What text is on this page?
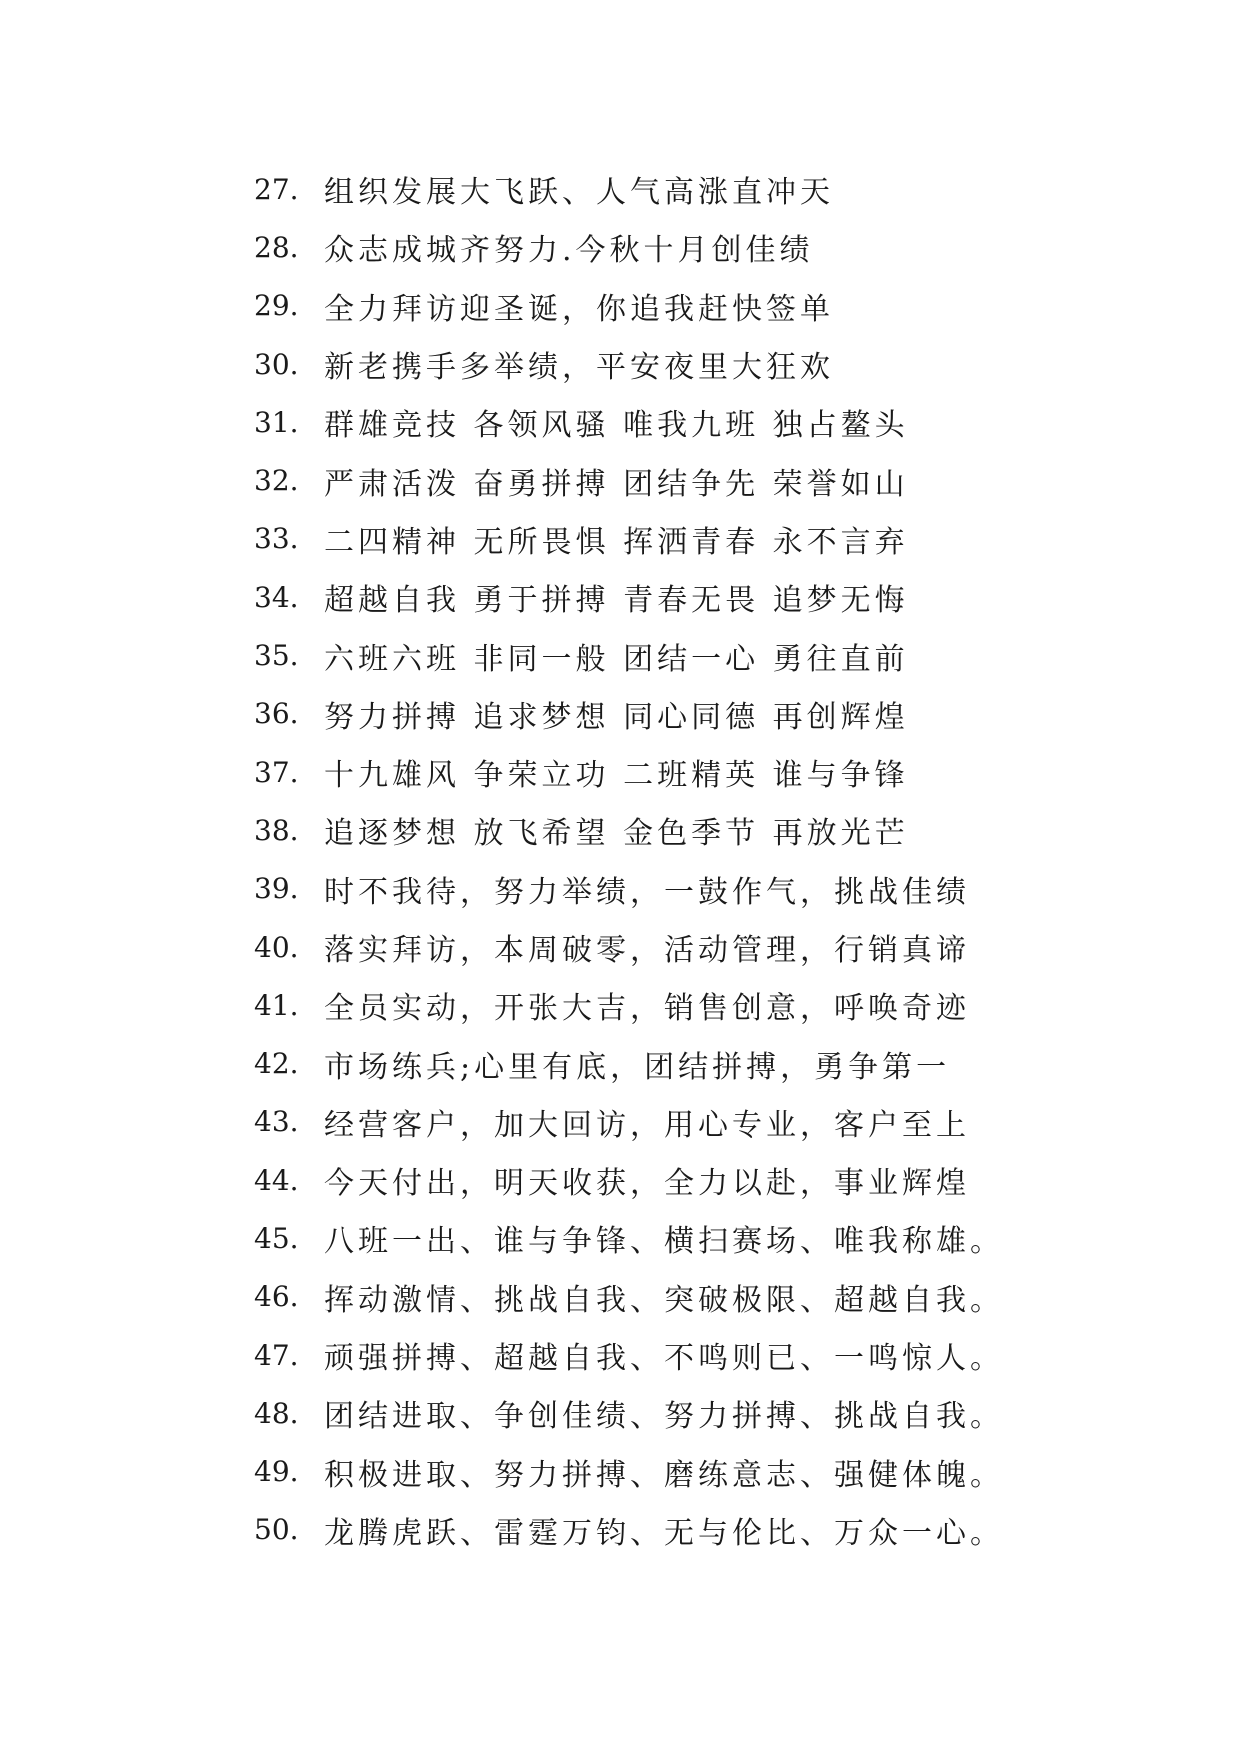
27. 组织发展大飞跃、人气高涨直冲天
28. 众志成城齐努力.今秋十月创佳绩
29. 全力拜访迎圣诞，你追我赶快签单
30. 新老携手多举绩，平安夜里大狂欢
31. 群雄竞技 各领风骚 唯我九班 独占鳌头
32. 严肃活泼 奋勇拼搏 团结争先 荣誉如山
33. 二四精神 无所畏惧 挥洒青春 永不言弃
34. 超越自我 勇于拼搏 青春无畏 追梦无悔
35. 六班六班 非同一般 团结一心 勇往直前
36. 努力拼搏 追求梦想 同心同德 再创辉煌
37. 十九雄风 争荣立功 二班精英 谁与争锋
38. 追逐梦想 放飞希望 金色季节 再放光芒
39. 时不我待，努力举绩，一鼓作气，挑战佳绩
40. 落实拜访，本周破零，活动管理，行销真谛
41. 全员实动，开张大吉，销售创意，呼唤奇迹
42. 市场练兵;心里有底，团结拼搏，勇争第一
43. 经营客户，加大回访，用心专业，客户至上
44. 今天付出，明天收获，全力以赴，事业辉煌
45. 八班一出、谁与争锋、横扫赛场、唯我称雄。
46. 挥动激情、挑战自我、突破极限、超越自我。
47. 顽强拼搏、超越自我、不鸣则已、一鸣惊人。
48. 团结进取、争创佳绩、努力拼搏、挑战自我。
49. 积极进取、努力拼搏、磨练意志、强健体魄。
50. 龙腾虎跃、雷霆万钧、无与伦比、万众一心。
